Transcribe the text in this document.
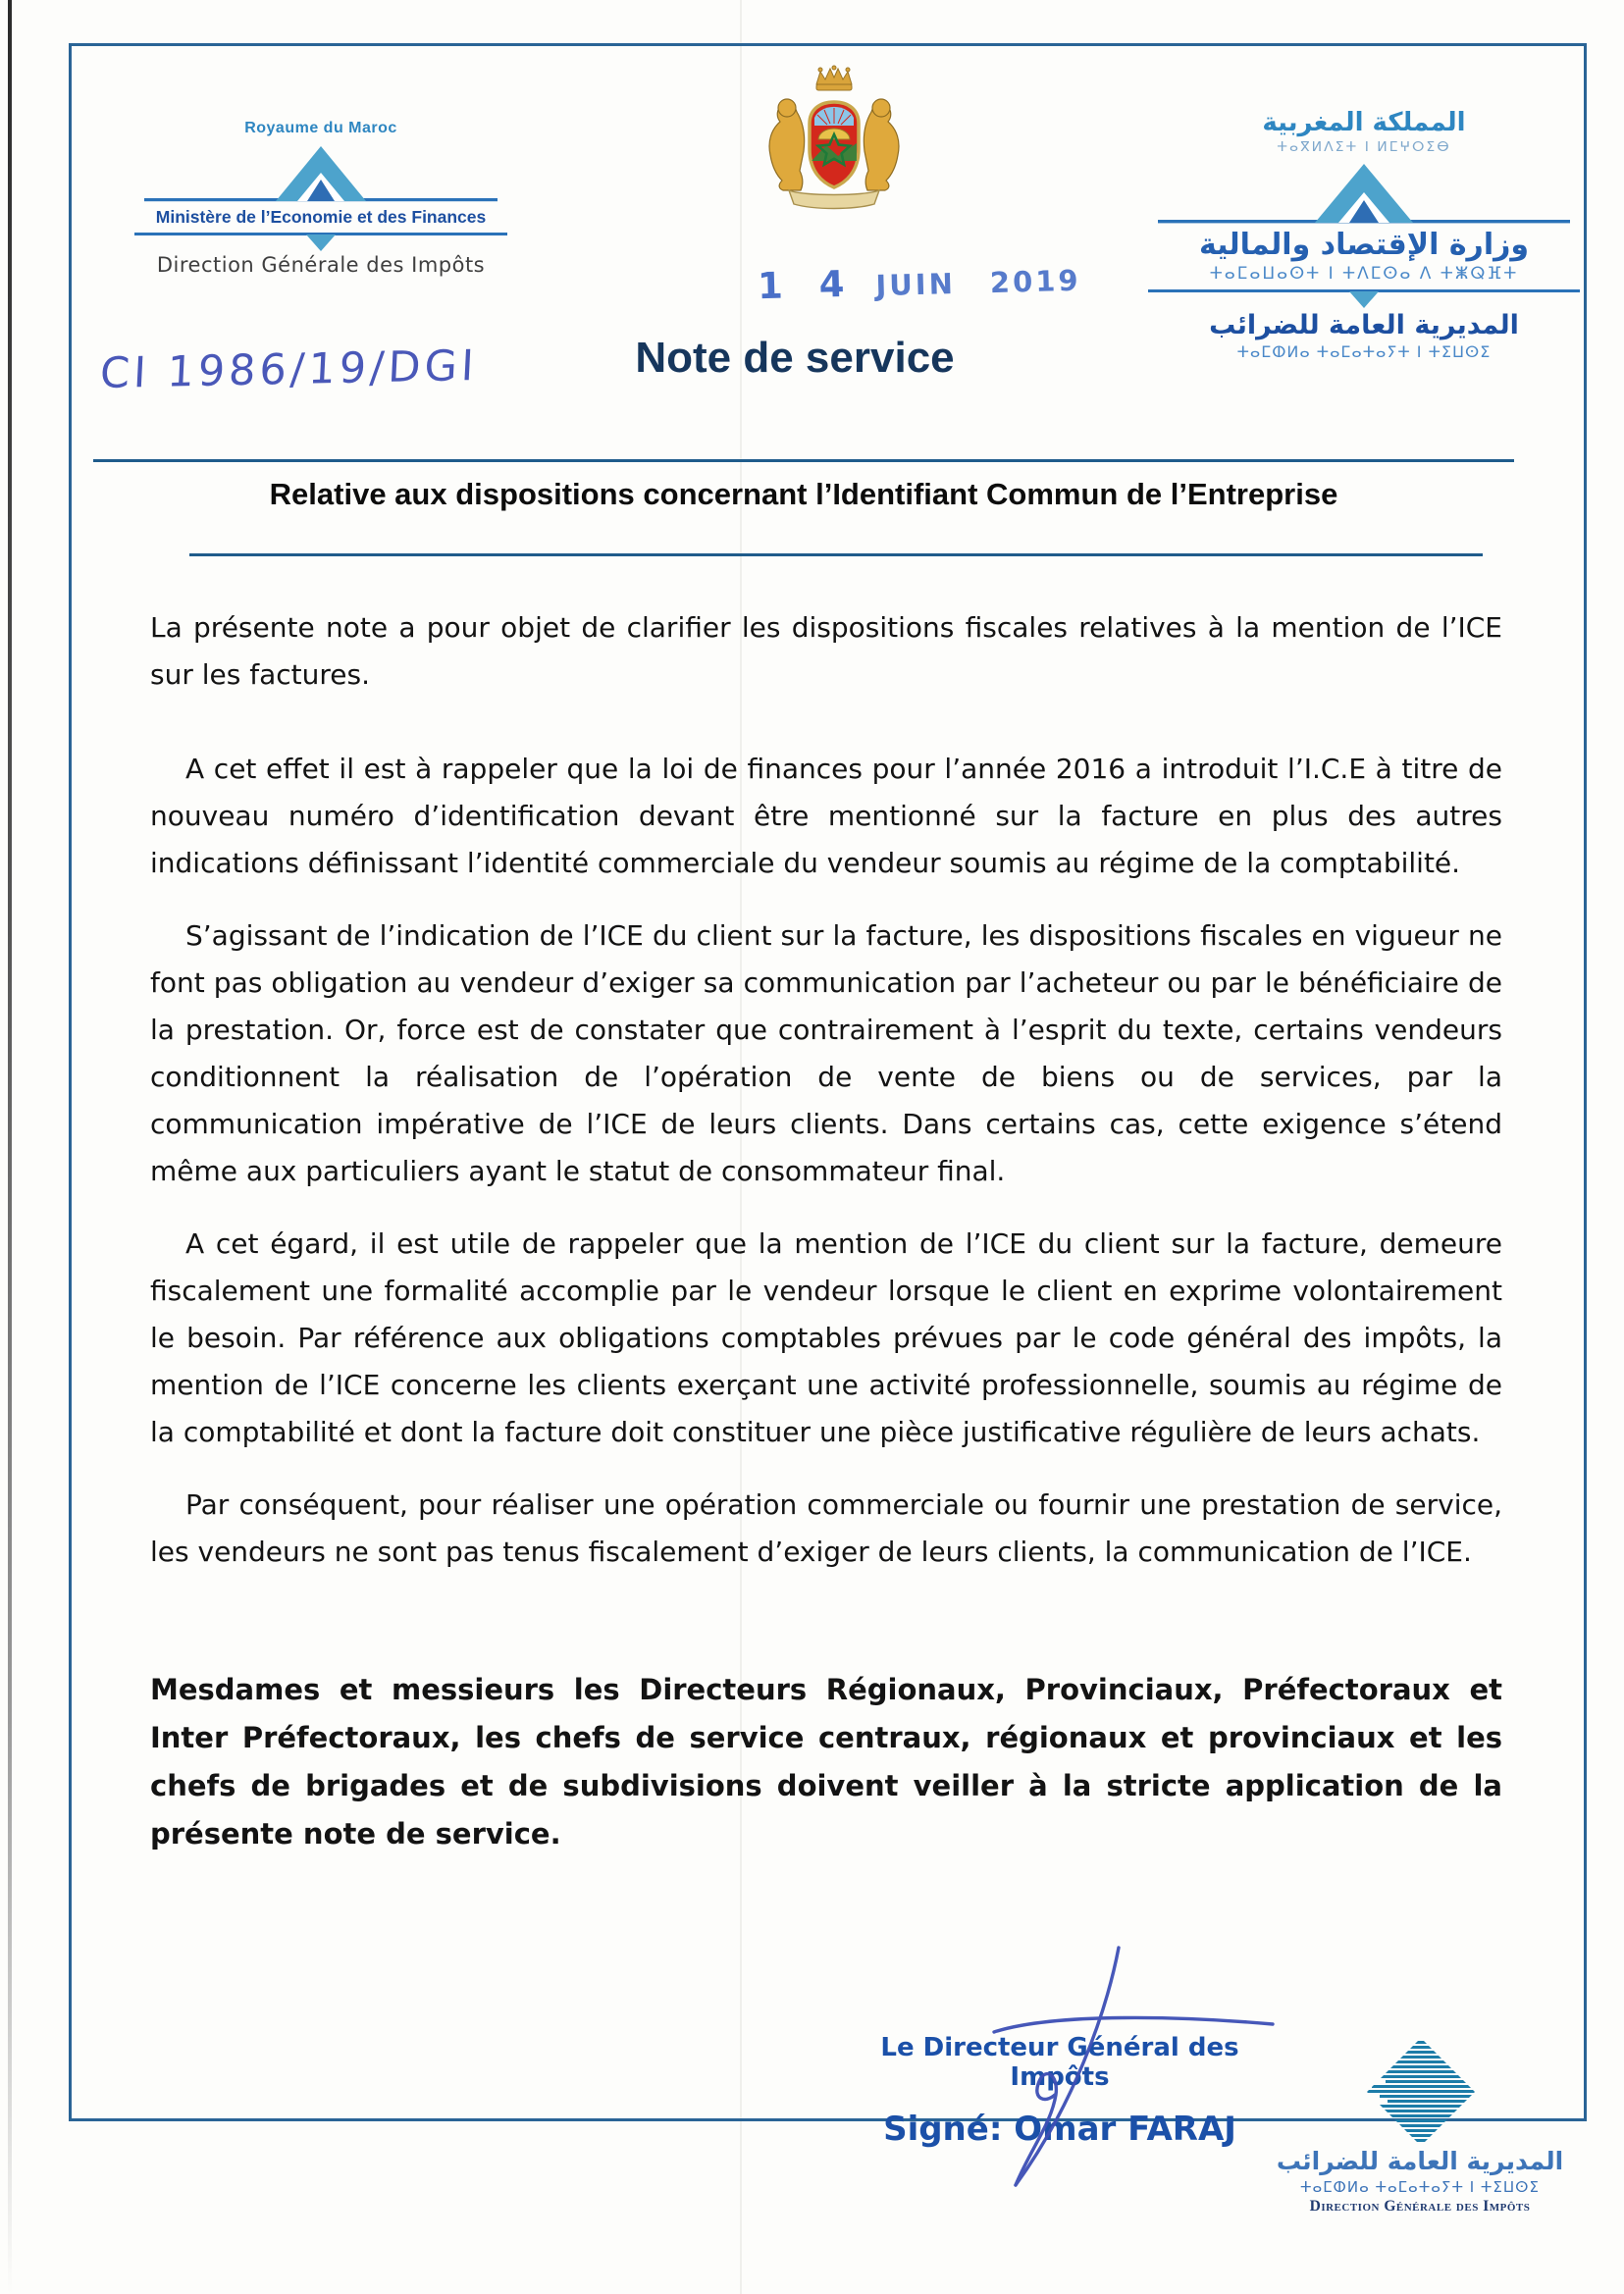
Royaume du Maroc
Ministère de l’Economie et des Finances
Direction Générale des Impôts
المملكة المغربية
ⵜⴰⴳⵍⴷⵉⵜ ⵏ ⵍⵎⵖⵔⵉⴱ
وزارة الإقتصاد والمالية
ⵜⴰⵎⴰⵡⴰⵙⵜ ⵏ ⵜⴷⵎⵙⴰ ⴷ ⵜⵥⵕⴼⵜ
المديرية العامة للضرائب
ⵜⴰⵎⵀⵍⴰ ⵜⴰⵎⴰⵜⴰⵢⵜ ⵏ ⵜⵉⵡⵙⵉ
1 4 JUIN 2019
CI 1986/19/DGI	Note de service
Relative aux dispositions concernant l’Identifiant Commun de l’Entreprise

La présente note a pour objet de clarifier les dispositions fiscales relatives à la mention de l’ICE sur les factures.

A cet effet il est à rappeler que la loi de finances pour l’année 2016 a introduit l’I.C.E à titre de nouveau numéro d’identification devant être mentionné sur la facture en plus des autres indications définissant l’identité commerciale du vendeur soumis au régime de la comptabilité.

S’agissant de l’indication de l’ICE du client sur la facture, les dispositions fiscales en vigueur ne font pas obligation au vendeur d’exiger sa communication par l’acheteur ou par le bénéficiaire de la prestation. Or, force est de constater que contrairement à l’esprit du texte, certains vendeurs conditionnent la réalisation de l’opération de vente de biens ou de services, par la communication impérative de l’ICE de leurs clients. Dans certains cas, cette exigence s’étend même aux particuliers ayant le statut de consommateur final.

A cet égard, il est utile de rappeler que la mention de l’ICE du client sur la facture, demeure fiscalement une formalité accomplie par le vendeur lorsque le client en exprime volontairement le besoin. Par référence aux obligations comptables prévues par le code général des impôts, la mention de l’ICE concerne les clients exerçant une activité professionnelle, soumis au régime de la comptabilité et dont la facture doit constituer une pièce justificative régulière de leurs achats.

Par conséquent, pour réaliser une opération commerciale ou fournir une prestation de service, les vendeurs ne sont pas tenus fiscalement d’exiger de leurs clients, la communication de l’ICE.

Mesdames et messieurs les Directeurs Régionaux, Provinciaux, Préfectoraux et Inter Préfectoraux, les chefs de service centraux, régionaux et provinciaux et les chefs de brigades et de subdivisions doivent veiller à la stricte application de la présente note de service.

Le Directeur Général des Impôts
Signé: Omar FARAJ
المديرية العامة للضرائب
ⵜⴰⵎⵀⵍⴰ ⵜⴰⵎⴰⵜⴰⵢⵜ ⵏ ⵜⵉⵡⵙⵉ
Direction Générale des Impôts
